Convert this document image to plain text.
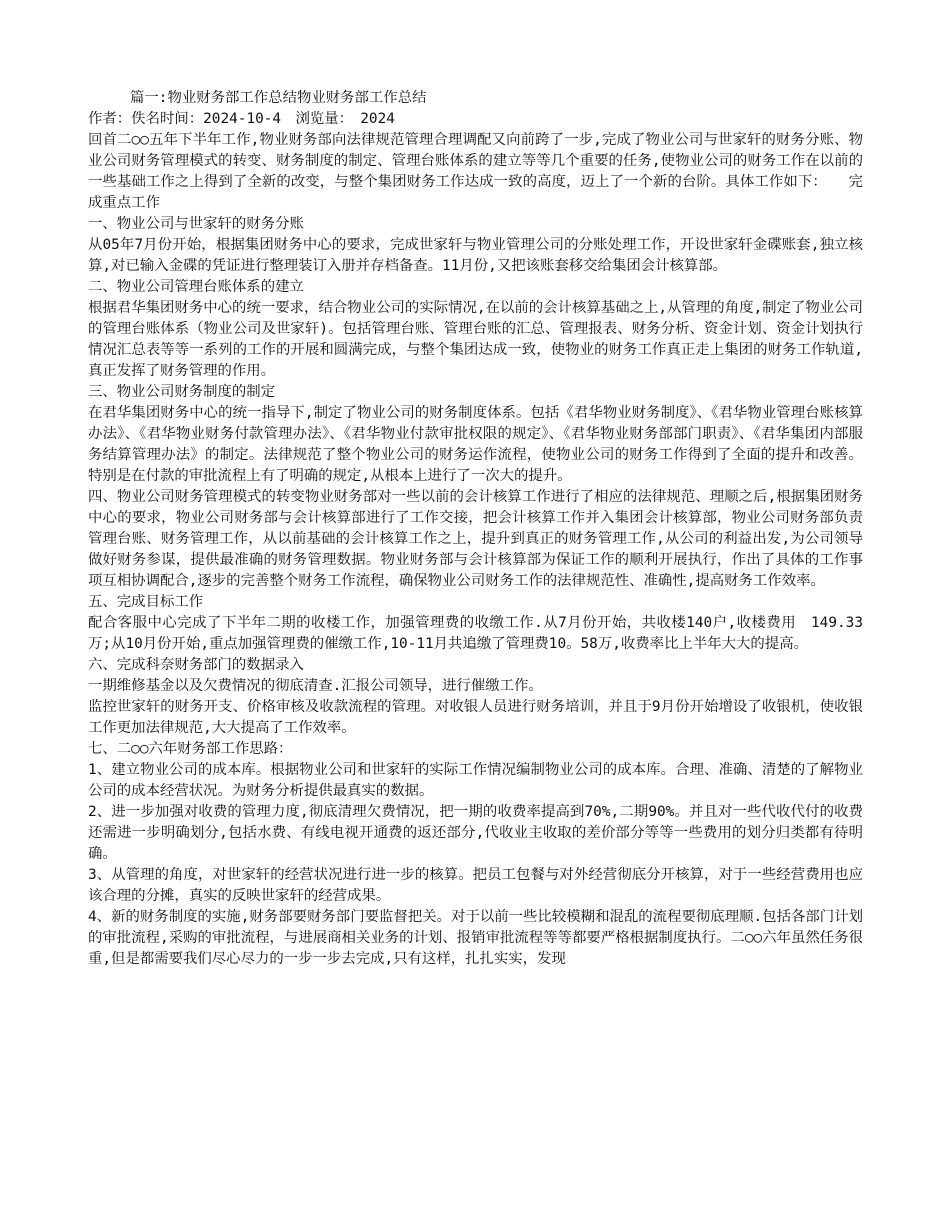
篇一:物业财务部工作总结物业财务部工作总结
作者：佚名时间：2024-10-4　浏览量：　2024
回首二○○五年下半年工作,物业财务部向法律规范管理合理调配又向前跨了一步,完成了物业公司与世家轩的财务分账、物业公司财务管理模式的转变、财务制度的制定、管理台账体系的建立等等几个重要的任务,使物业公司的财务工作在以前的一些基础工作之上得到了全新的改变，与整个集团财务工作达成一致的高度，迈上了一个新的台阶。具体工作如下：　　完成重点工作
一、物业公司与世家轩的财务分账
从05年7月份开始，根据集团财务中心的要求，完成世家轩与物业管理公司的分账处理工作，开设世家轩金碟账套,独立核算,对已输入金碟的凭证进行整理装订入册并存档备查。11月份,又把该账套移交给集团会计核算部。
二、物业公司管理台账体系的建立
根据君华集团财务中心的统一要求，结合物业公司的实际情况,在以前的会计核算基础之上,从管理的角度,制定了物业公司的管理台账体系（物业公司及世家轩)。包括管理台账、管理台账的汇总、管理报表、财务分析、资金计划、资金计划执行情况汇总表等等一系列的工作的开展和圆满完成，与整个集团达成一致，使物业的财务工作真正走上集团的财务工作轨道,真正发挥了财务管理的作用。
三、物业公司财务制度的制定
在君华集团财务中心的统一指导下,制定了物业公司的财务制度体系。包括《君华物业财务制度》、《君华物业管理台账核算办法》、《君华物业财务付款管理办法》、《君华物业付款审批权限的规定》、《君华物业财务部部门职责》、《君华集团内部服务结算管理办法》的制定。法律规范了整个物业公司的财务运作流程，使物业公司的财务工作得到了全面的提升和改善。特别是在付款的审批流程上有了明确的规定,从根本上进行了一次大的提升。
四、物业公司财务管理模式的转变物业财务部对一些以前的会计核算工作进行了相应的法律规范、理顺之后,根据集团财务中心的要求，物业公司财务部与会计核算部进行了工作交接，把会计核算工作并入集团会计核算部，物业公司财务部负责管理台账、财务管理工作，从以前基础的会计核算工作之上，提升到真正的财务管理工作,从公司的利益出发,为公司领导做好财务参谋，提供最准确的财务管理数据。物业财务部与会计核算部为保证工作的顺利开展执行，作出了具体的工作事项互相协调配合,逐步的完善整个财务工作流程，确保物业公司财务工作的法律规范性、准确性,提高财务工作效率。
五、完成目标工作
配合客服中心完成了下半年二期的收楼工作，加强管理费的收缴工作.从7月份开始，共收楼140户,收楼费用　149.33　万;从10月份开始,重点加强管理费的催缴工作,10-11月共追缴了管理费10。58万,收费率比上半年大大的提高。
六、完成科奈财务部门的数据录入
一期维修基金以及欠费情况的彻底清查.汇报公司领导，进行催缴工作。
监控世家轩的财务开支、价格审核及收款流程的管理。对收银人员进行财务培训，并且于9月份开始增设了收银机，使收银工作更加法律规范,大大提高了工作效率。
七、二○○六年财务部工作思路：
1、建立物业公司的成本库。根据物业公司和世家轩的实际工作情况编制物业公司的成本库。合理、准确、清楚的了解物业公司的成本经营状况。为财务分析提供最真实的数据。
2、进一步加强对收费的管理力度,彻底清理欠费情况，把一期的收费率提高到70%,二期90%。并且对一些代收代付的收费还需进一步明确划分,包括水费、有线电视开通费的返还部分,代收业主收取的差价部分等等一些费用的划分归类都有待明确。
3、从管理的角度，对世家轩的经营状况进行进一步的核算。把员工包餐与对外经营彻底分开核算，对于一些经营费用也应该合理的分摊，真实的反映世家轩的经营成果。
4、新的财务制度的实施,财务部要财务部门要监督把关。对于以前一些比较模糊和混乱的流程要彻底理顺.包括各部门计划的审批流程,采购的审批流程，与进展商相关业务的计划、报销审批流程等等都要严格根据制度执行。二○○六年虽然任务很重,但是都需要我们尽心尽力的一步一步去完成,只有这样，扎扎实实，发现
